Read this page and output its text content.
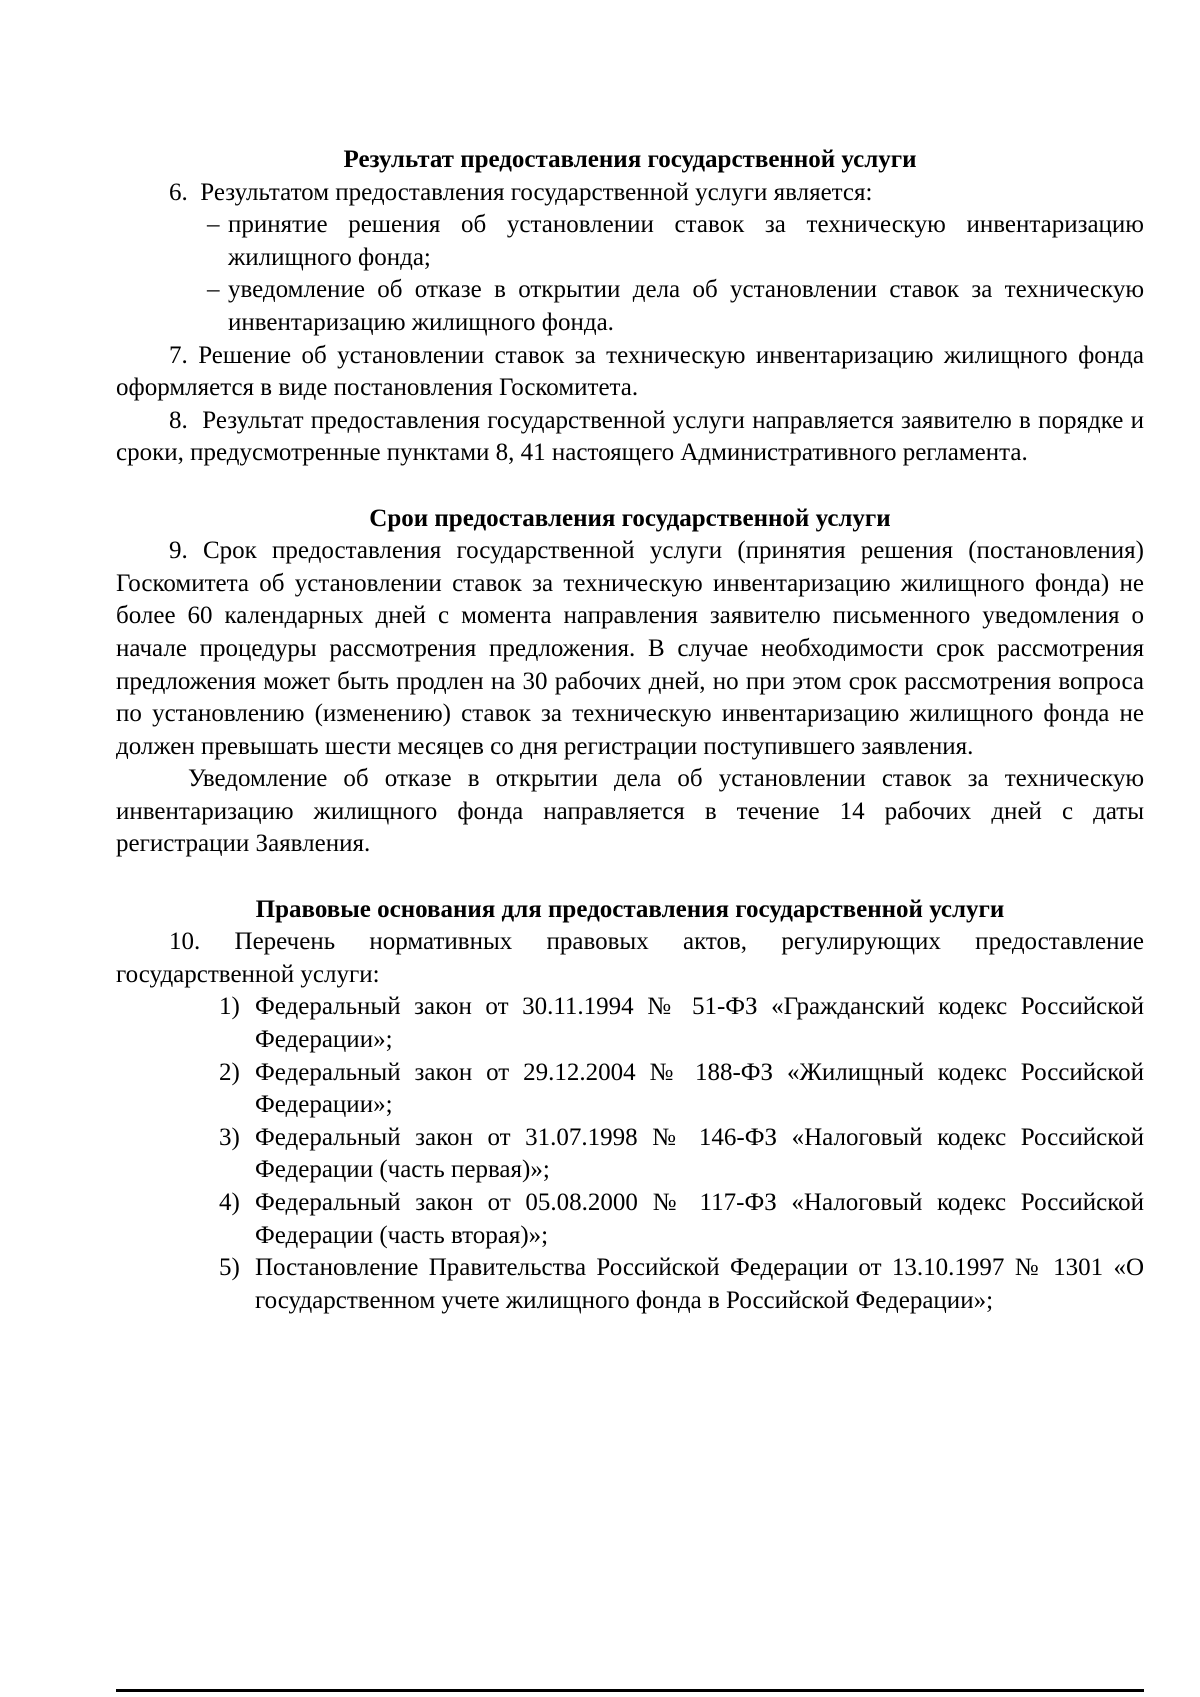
Результат предоставления государственной услуги

6.  Результатом предоставления государственной услуги является:

– принятие решения об установлении ставок за техническую инвентаризацию жилищного фонда;
– уведомление об отказе в открытии дела об установлении ставок за техническую инвентаризацию жилищного фонда.

7. Решение об установлении ставок за техническую инвентаризацию жилищного фонда оформляется в виде постановления Госкомитета.

8.  Результат предоставления государственной услуги направляется заявителю в порядке и сроки, предусмотренные пунктами 8, 41 настоящего Административного регламента.

Срои предоставления государственной услуги

9. Срок предоставления государственной услуги (принятия решения (постановления) Госкомитета об установлении ставок за техническую инвентаризацию жилищного фонда) не более 60 календарных дней с момента направления заявителю письменного уведомления о начале процедуры рассмотрения предложения. В случае необходимости срок рассмотрения предложения может быть продлен на 30 рабочих дней, но при этом срок рассмотрения вопроса по установлению (изменению) ставок за техническую инвентаризацию жилищного фонда не должен превышать шести месяцев со дня регистрации поступившего заявления.

Уведомление об отказе в открытии дела об установлении ставок за техническую инвентаризацию жилищного фонда направляется в течение 14 рабочих дней с даты регистрации Заявления.

Правовые основания для предоставления государственной услуги

10. Перечень нормативных правовых актов, регулирующих предоставление государственной услуги:

1) Федеральный закон от 30.11.1994 № 51-ФЗ «Гражданский кодекс Российской Федерации»;
2) Федеральный закон от 29.12.2004 № 188-ФЗ «Жилищный кодекс Российской Федерации»;
3) Федеральный закон от 31.07.1998 № 146-ФЗ «Налоговый кодекс Российской Федерации (часть первая)»;
4) Федеральный закон от 05.08.2000 № 117-ФЗ «Налоговый кодекс Российской Федерации (часть вторая)»;
5) Постановление Правительства Российской Федерации от 13.10.1997 № 1301 «О государственном учете жилищного фонда в Российской Федерации»;
